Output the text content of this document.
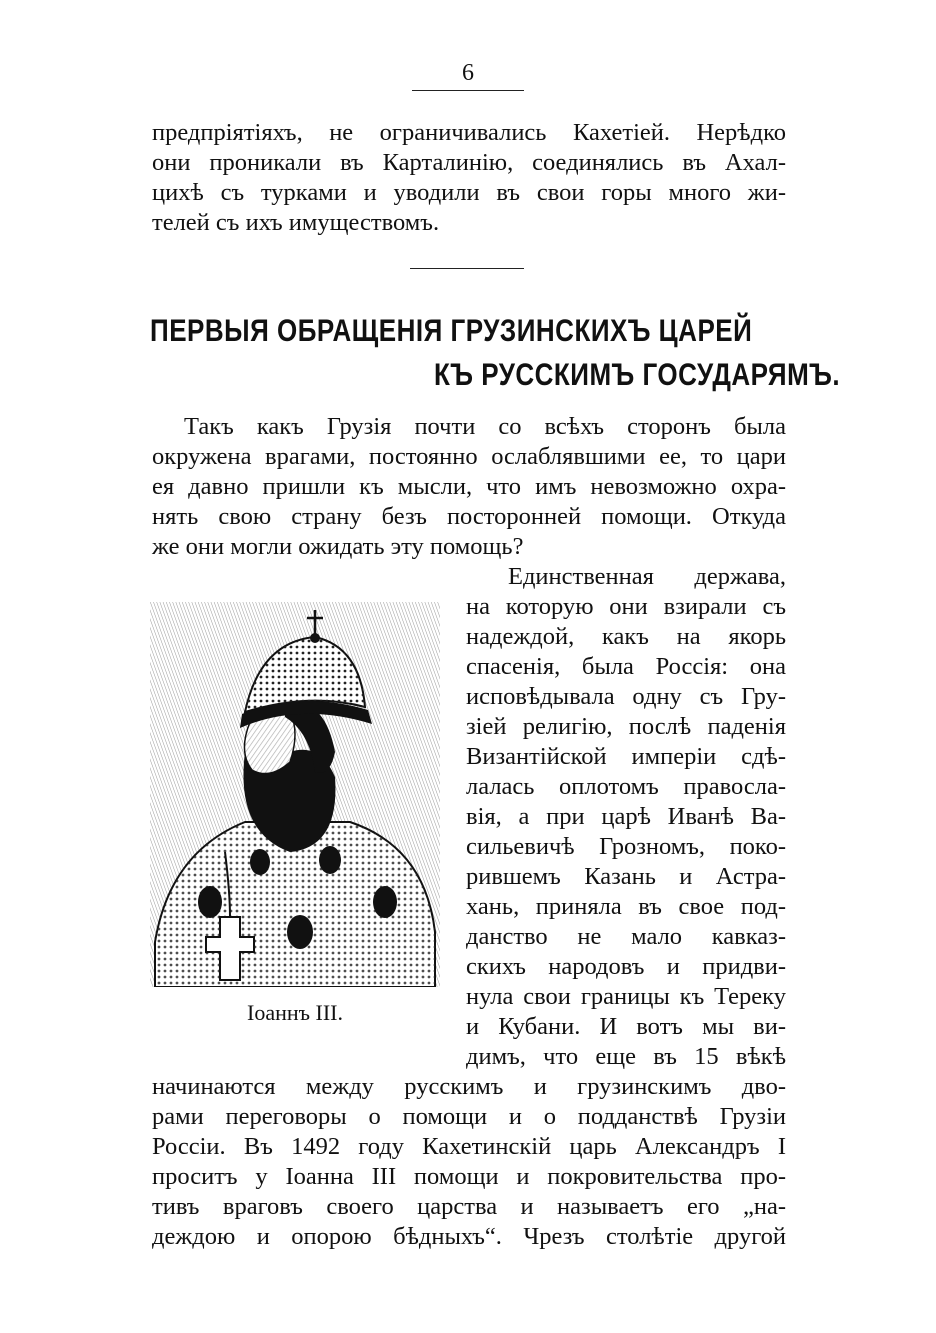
6
предпріятіяхъ, не ограничивались Кахетіей. Нерѣдко
они проникали въ Карталинію, соединялись въ Ахал-
цихѣ съ турками и уводили въ свои горы много жи-
телей съ ихъ имуществомъ.
ПЕРВЫЯ ОБРАЩЕНІЯ ГРУЗИНСКИХЪ ЦАРЕЙ
КЪ РУССКИМЪ ГОСУДАРЯМЪ.
Такъ какъ Грузія почти со всѣхъ сторонъ была
окружена врагами, постоянно ослаблявшими ее, то цари
ея давно пришли къ мысли, что имъ невозможно охра-
нять свою страну безъ посторонней помощи. Откуда
же они могли ожидать эту помощь?
Единственная держава,
на которую они взирали съ
надеждой, какъ на якорь
спасенія, была Россія: она
исповѣдывала одну съ Гру-
зіей религію, послѣ паденія
Византійской имперіи сдѣ-
лалась оплотомъ правосла-
вія, а при царѣ Иванѣ Ва-
сильевичѣ Грозномъ, поко-
рившемъ Казань и Астра-
хань, приняла въ свое под-
данство не мало кавказ-
скихъ народовъ и придви-
нула свои границы къ Тереку
и Кубани. И вотъ мы ви-
димъ, что еще въ 15 вѣкѣ
Іоаннъ III.
начинаются между русскимъ и грузинскимъ дво-
рами переговоры о помощи и о подданствѣ Грузіи
Россіи. Въ 1492 году Кахетинскій царь Александръ I
проситъ у Іоанна III помощи и покровительства про-
тивъ враговъ своего царства и называетъ его „на-
деждою и опорою бѣдныхъ“. Чрезъ столѣтіе другой
